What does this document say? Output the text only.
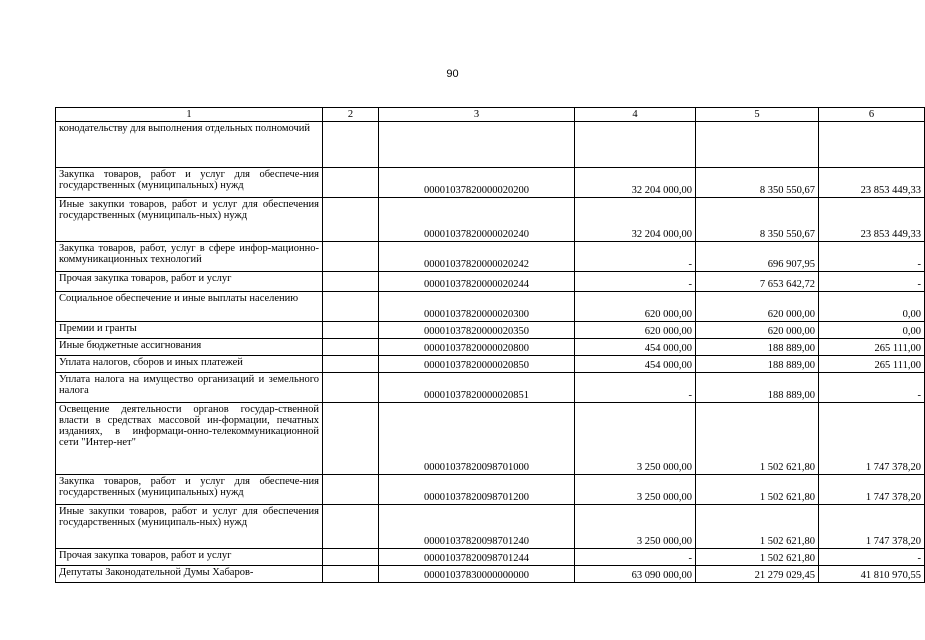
90
1	2	3	4	5	6
конодательству для выполнения отдельных полномочий					
Закупка товаров, работ и услуг для обеспече-ния государственных (муниципальных) нужд		00001037820000020200	32 204 000,00	8 350 550,67	23 853 449,33
Иные закупки товаров, работ и услуг для обеспечения государственных (муниципаль-ных) нужд		00001037820000020240	32 204 000,00	8 350 550,67	23 853 449,33
Закупка товаров, работ, услуг в сфере инфор-мационно-коммуникационных технологий		00001037820000020242	-	696 907,95	-
Прочая закупка товаров, работ и услуг		00001037820000020244	-	7 653 642,72	-
Социальное обеспечение и иные выплаты населению		00001037820000020300	620 000,00	620 000,00	0,00
Премии и гранты		00001037820000020350	620 000,00	620 000,00	0,00
Иные бюджетные ассигнования		00001037820000020800	454 000,00	188 889,00	265 111,00
Уплата налогов, сборов и иных платежей		00001037820000020850	454 000,00	188 889,00	265 111,00
Уплата налога на имущество организаций и земельного налога		00001037820000020851	-	188 889,00	-
Освещение деятельности органов государ-ственной власти в средствах массовой ин-формации, печатных изданиях, в информаци-онно-телекоммуникационной сети "Интер-нет"		00001037820098701000	3 250 000,00	1 502 621,80	1 747 378,20
Закупка товаров, работ и услуг для обеспече-ния государственных (муниципальных) нужд		00001037820098701200	3 250 000,00	1 502 621,80	1 747 378,20
Иные закупки товаров, работ и услуг для обеспечения государственных (муниципаль-ных) нужд		00001037820098701240	3 250 000,00	1 502 621,80	1 747 378,20
Прочая закупка товаров, работ и услуг		00001037820098701244	-	1 502 621,80	-
Депутаты Законодательной Думы Хабаров-		00001037830000000000	63 090 000,00	21 279 029,45	41 810 970,55
